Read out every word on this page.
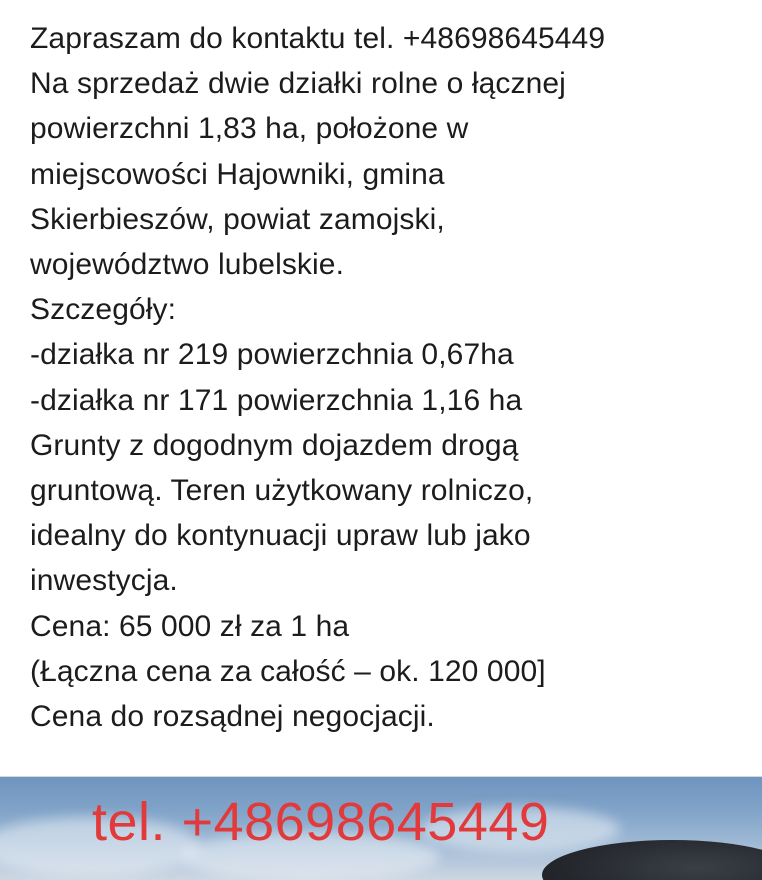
Zapraszam do kontaktu tel. +48698645449
Na sprzedaż dwie działki rolne o łącznej
powierzchni 1,83 ha, położone w
miejscowości Hajowniki, gmina
Skierbieszów, powiat zamojski,
województwo lubelskie.
Szczegóły:
-działka nr 219 powierzchnia 0,67ha
-działka nr 171 powierzchnia 1,16 ha
Grunty z dogodnym dojazdem drogą
gruntową. Teren użytkowany rolniczo,
idealny do kontynuacji upraw lub jako
inwestycja.
Cena: 65 000 zł za 1 ha
(Łączna cena za całość – ok. 120 000]
Cena do rozsądnej negocjacji.
tel. +48698645449
